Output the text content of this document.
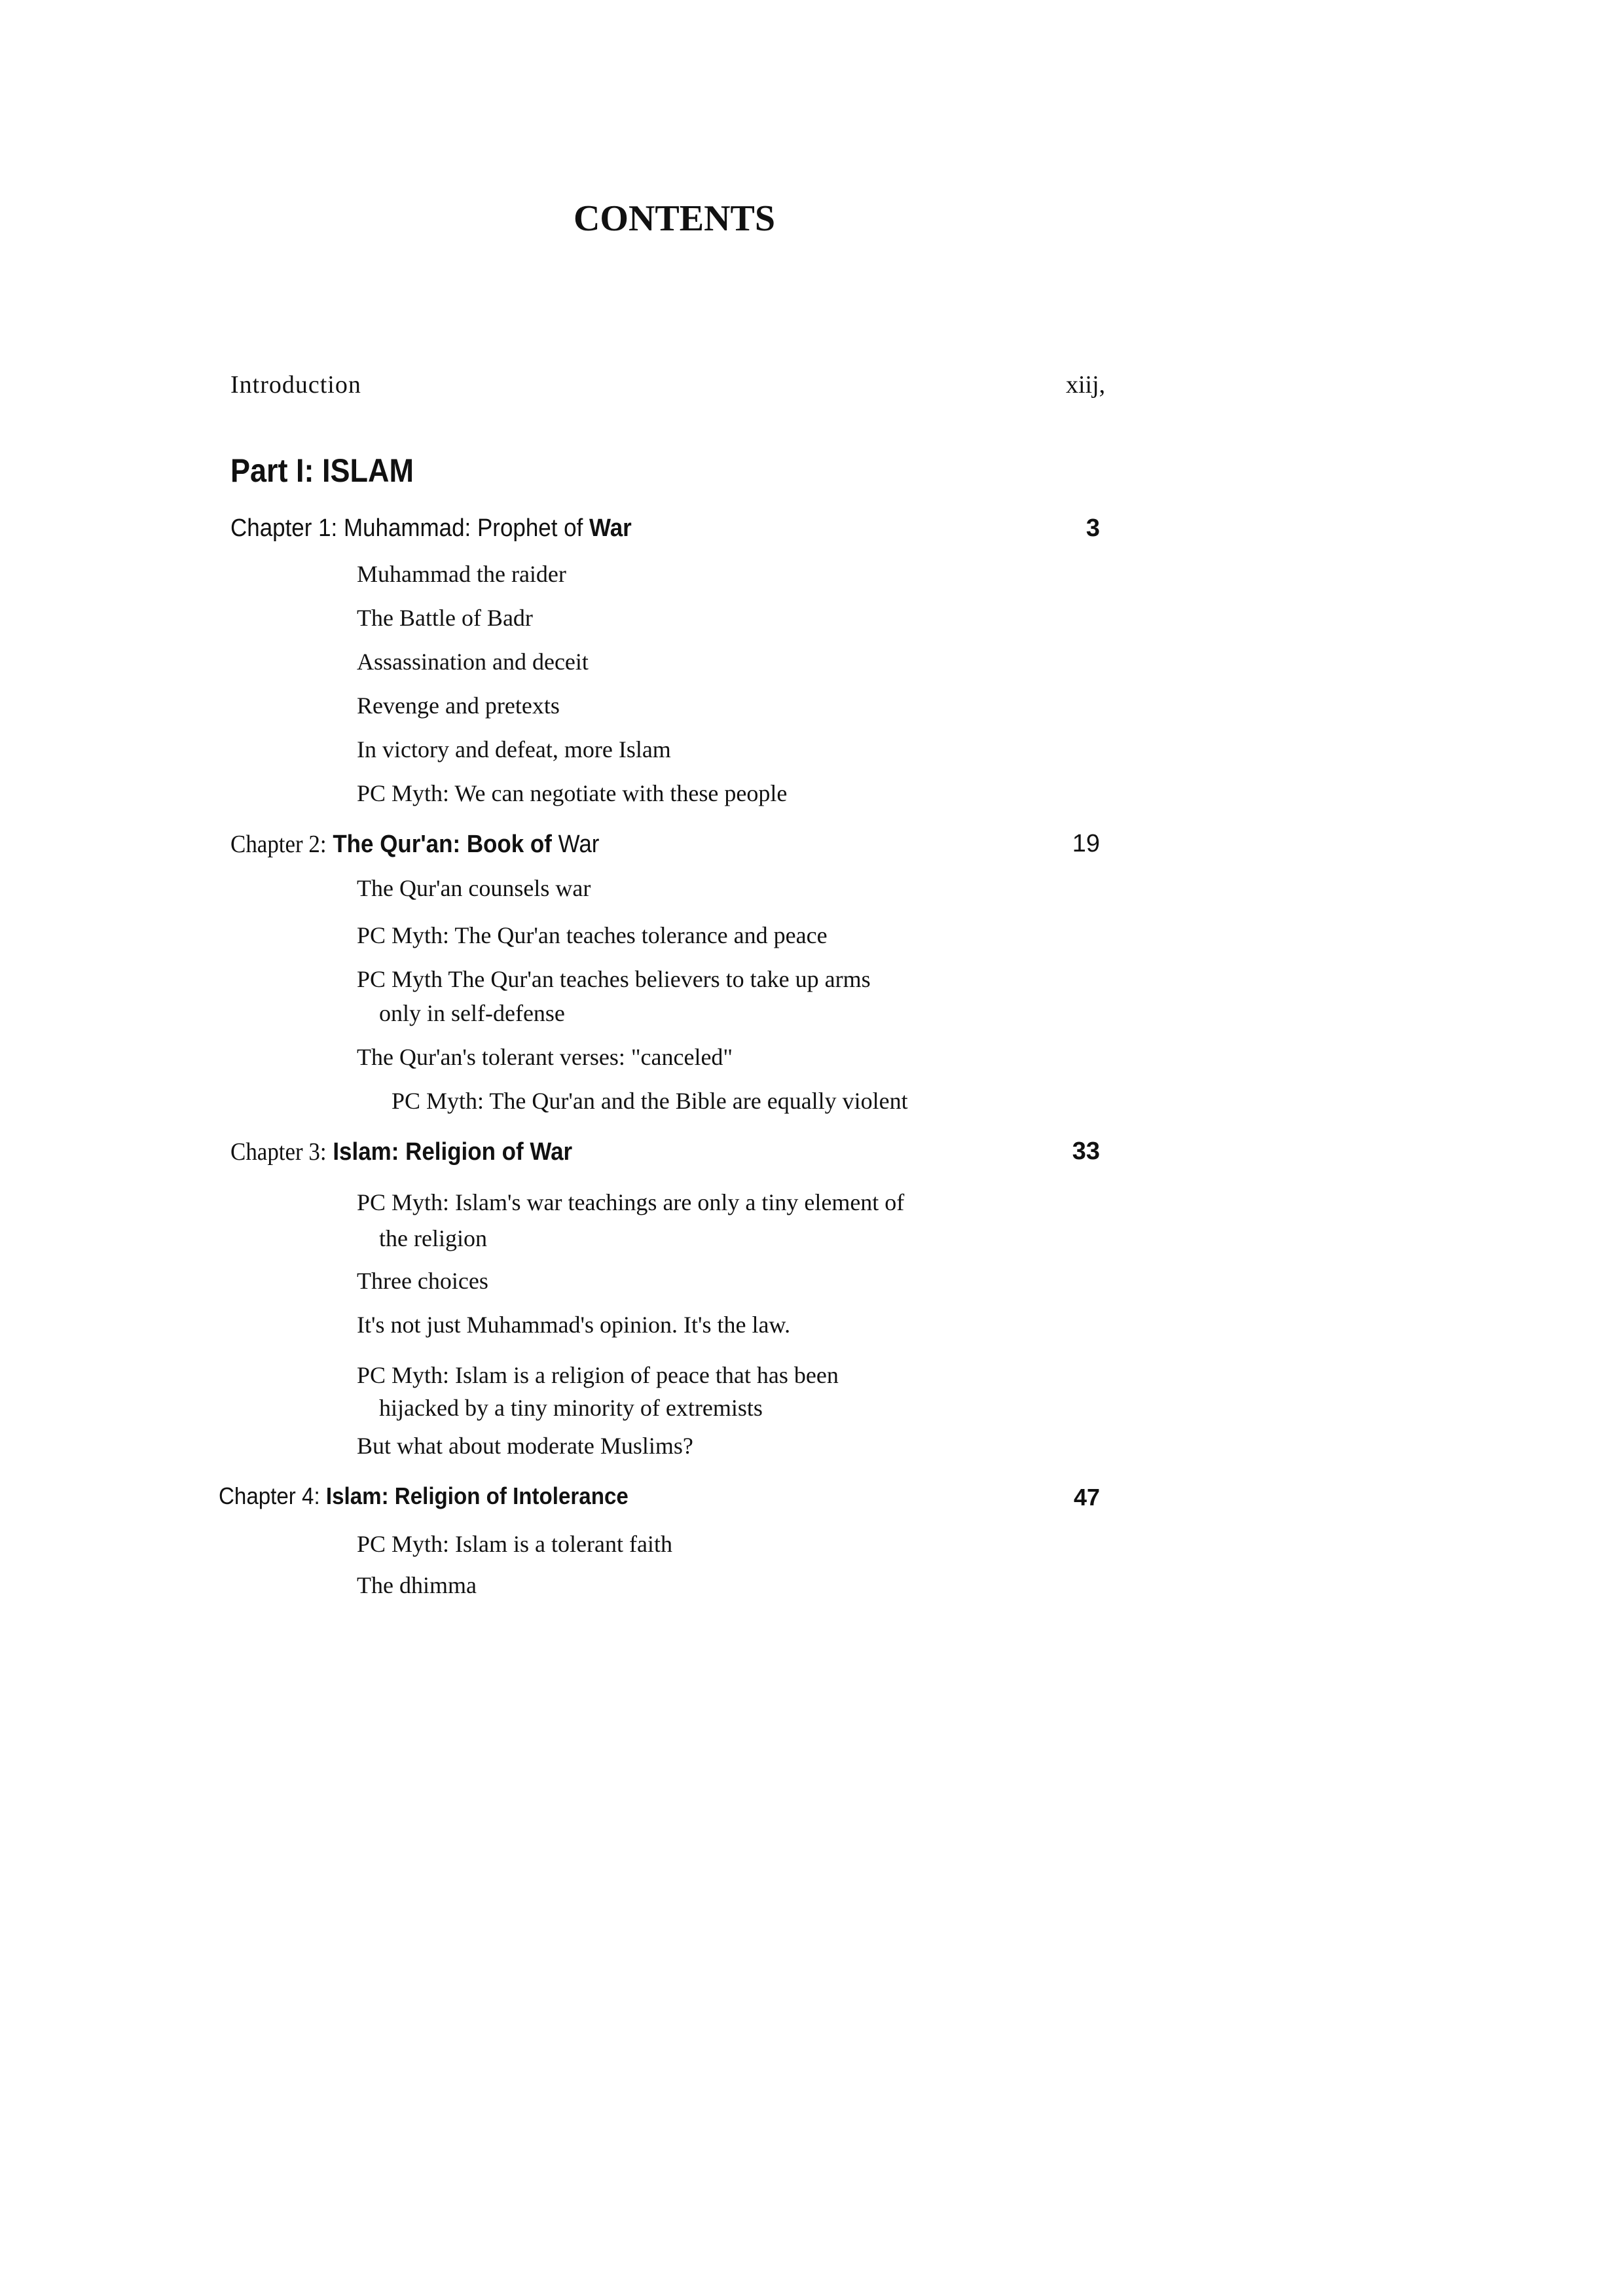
CONTENTS
Introduction	xiij,
Part I: ISLAM
Chapter 1: Muhammad: Prophet of War	3
Muhammad the raider
The Battle of Badr
Assassination and deceit
Revenge and pretexts
In victory and defeat, more Islam
PC Myth: We can negotiate with these people
Chapter 2: The Qur'an: Book of War	19
The Qur'an counsels war
PC Myth: The Qur'an teaches tolerance and peace
PC Myth The Qur'an teaches believers to take up arms
only in self-defense
The Qur'an's tolerant verses: "canceled"
PC Myth: The Qur'an and the Bible are equally violent
Chapter 3: Islam: Religion of War	33
PC Myth: Islam's war teachings are only a tiny element of
the religion
Three choices
It's not just Muhammad's opinion. It's the law.
PC Myth: Islam is a religion of peace that has been
hijacked by a tiny minority of extremists
But what about moderate Muslims?
Chapter 4: Islam: Religion of Intolerance	47
PC Myth: Islam is a tolerant faith
The dhimma
